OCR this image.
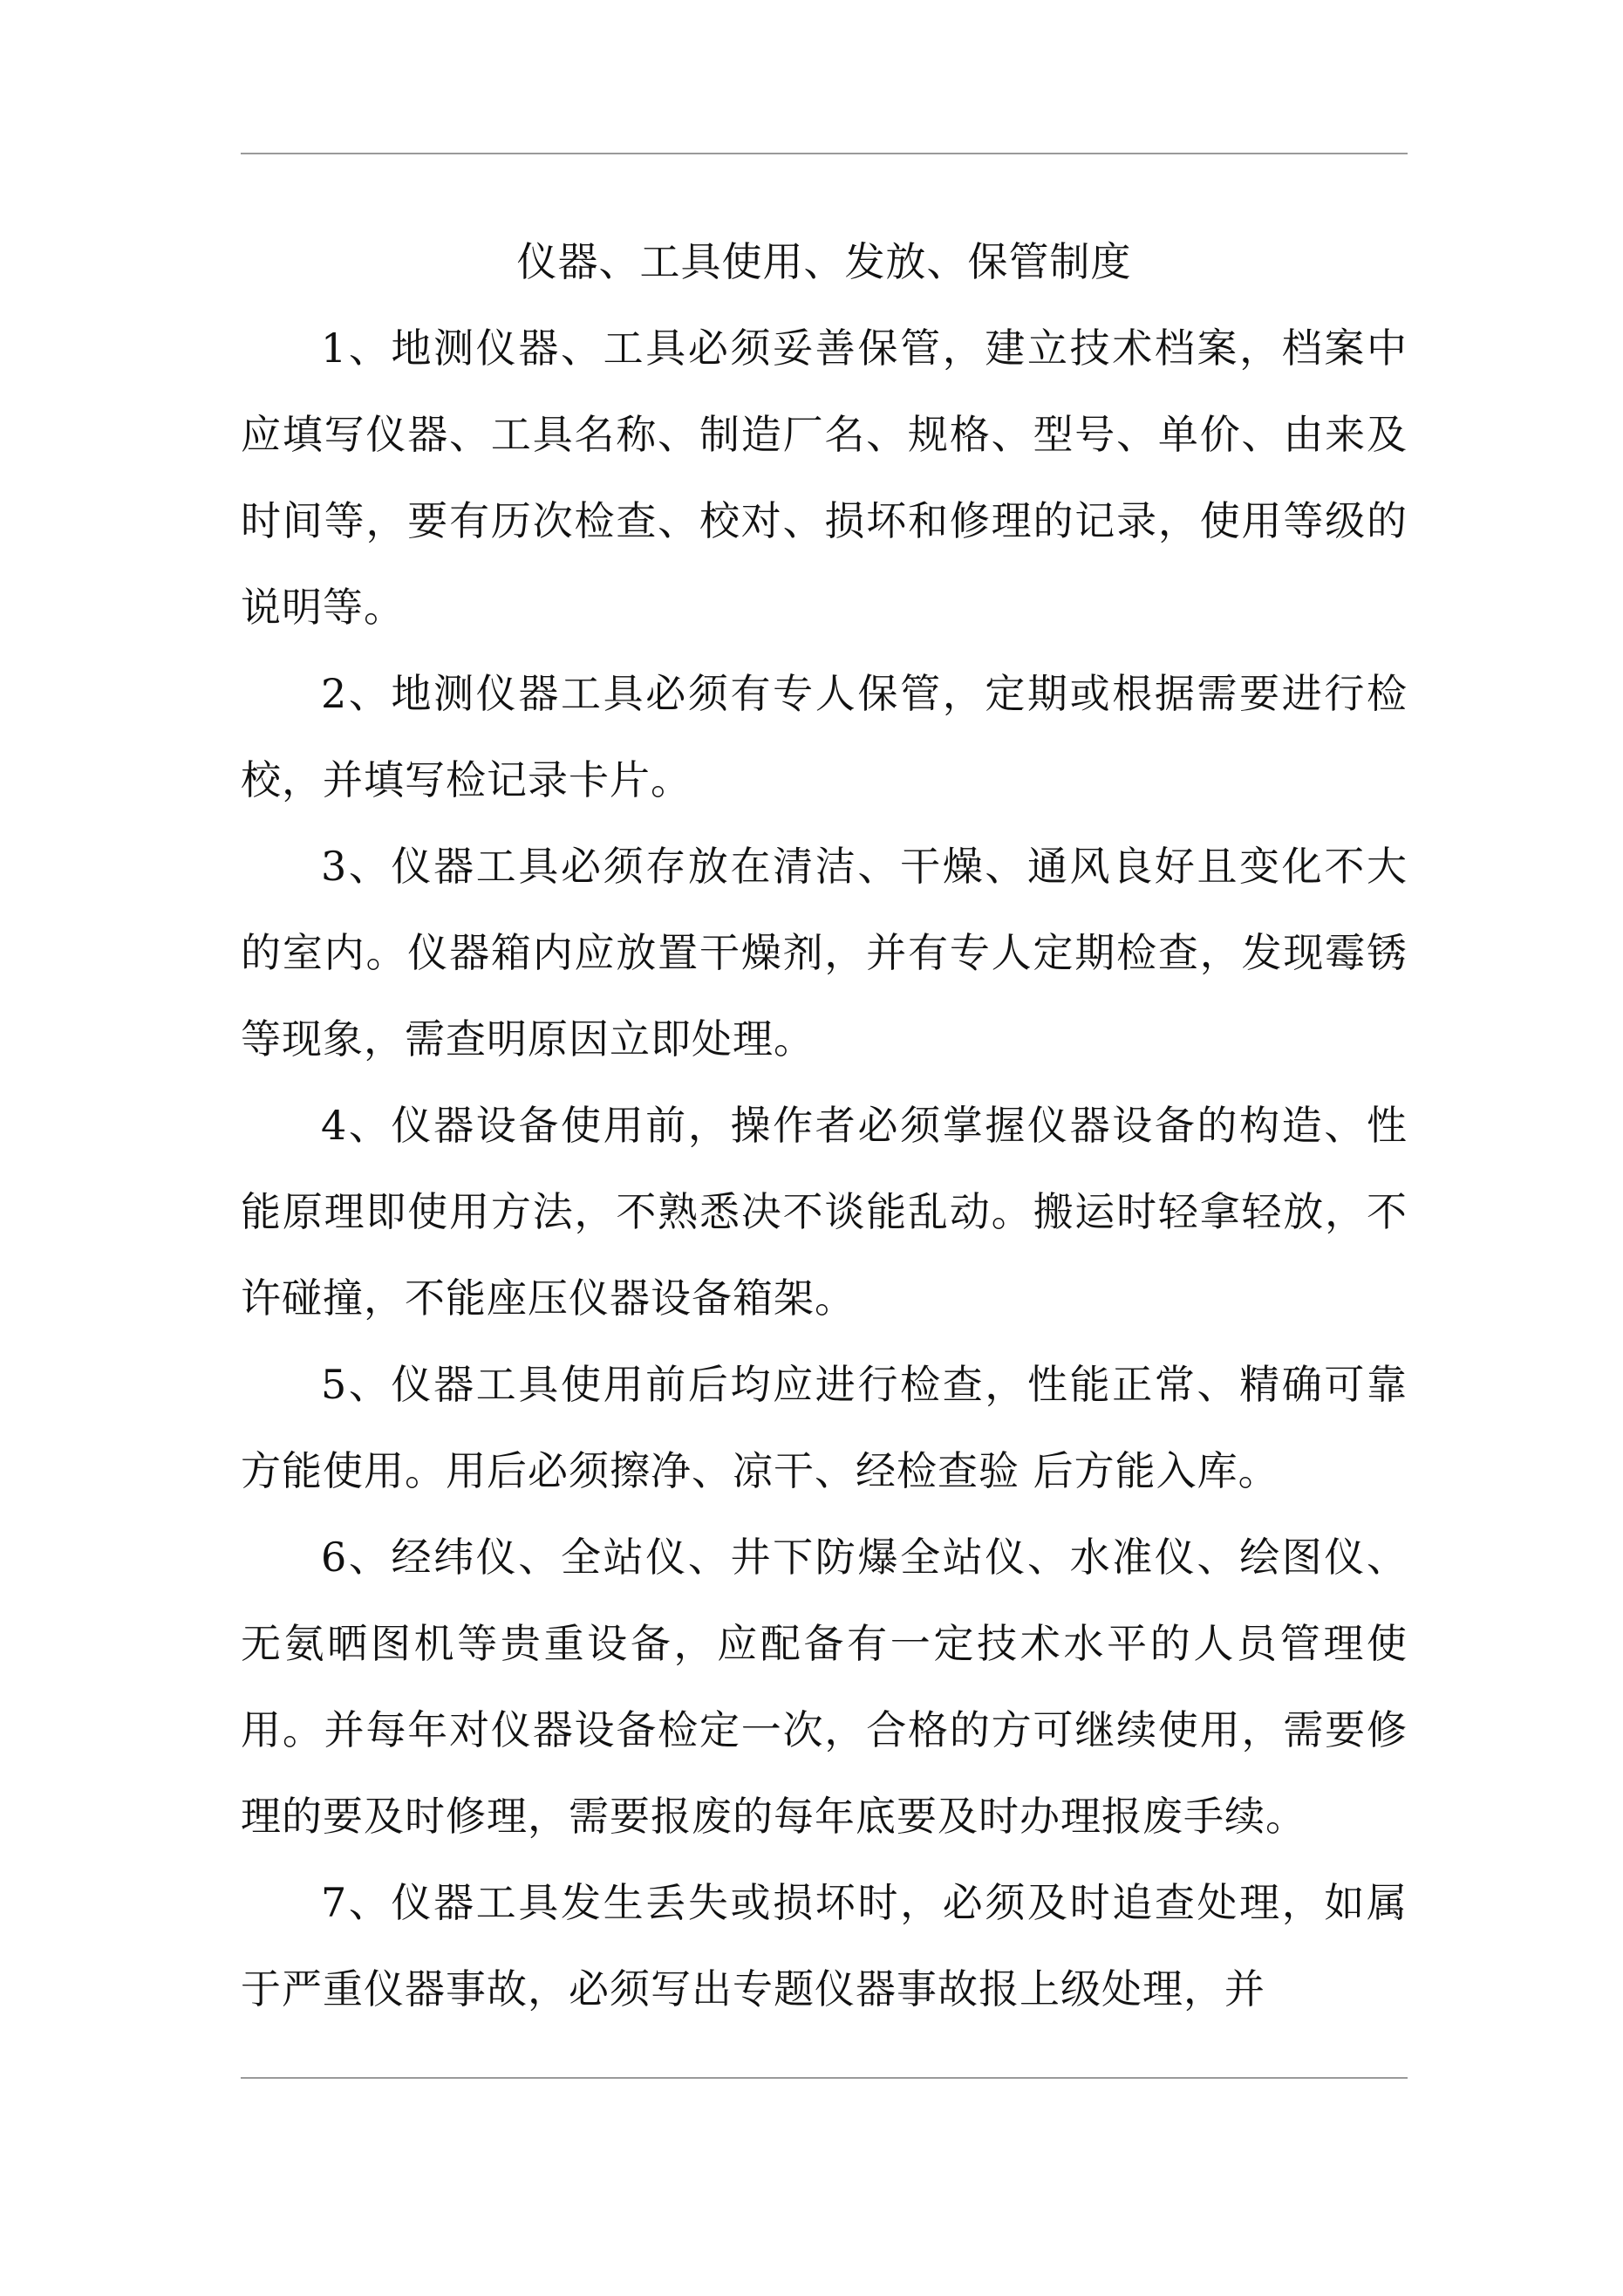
仪器、工具使用、发放、保管制度

1、地测仪器、工具必须妥善保管，建立技术档案，档案中应填写仪器、工具名称、制造厂名、规格、型号、单价、由来及时间等，要有历次检查、校对、损坏和修理的记录，使用等级的说明等。

2、地测仪器工具必须有专人保管，定期或根据需要进行检校，并填写检记录卡片。

3、仪器工具必须存放在清洁、干燥、通风良好且变化不大的室内。仪器箱内应放置干燥剂，并有专人定期检查，发现霉锈等现象，需查明原因立即处理。

4、仪器设备使用前，操作者必须掌握仪器设备的构造、性能原理即使用方法，不熟悉决不谈能乱动。搬运时轻拿轻放，不许碰撞，不能座压仪器设备箱架。

5、仪器工具使用前后均应进行检查，性能正常、精确可靠方能使用。用后必须擦净、凉干、经检查验 后方能入库。

6、经纬仪、全站仪、井下防爆全站仪、水准仪、绘图仪、无氨晒图机等贵重设备，应配备有一定技术水平的人员管理使用。并每年对仪器设备检定一次，合格的方可继续使用，需要修理的要及时修理，需要报废的每年底要及时办理报废手续。

7、仪器工具发生丢失或损坏时，必须及时追查处理，如属于严重仪器事故，必须写出专题仪器事故报上级处理，并
